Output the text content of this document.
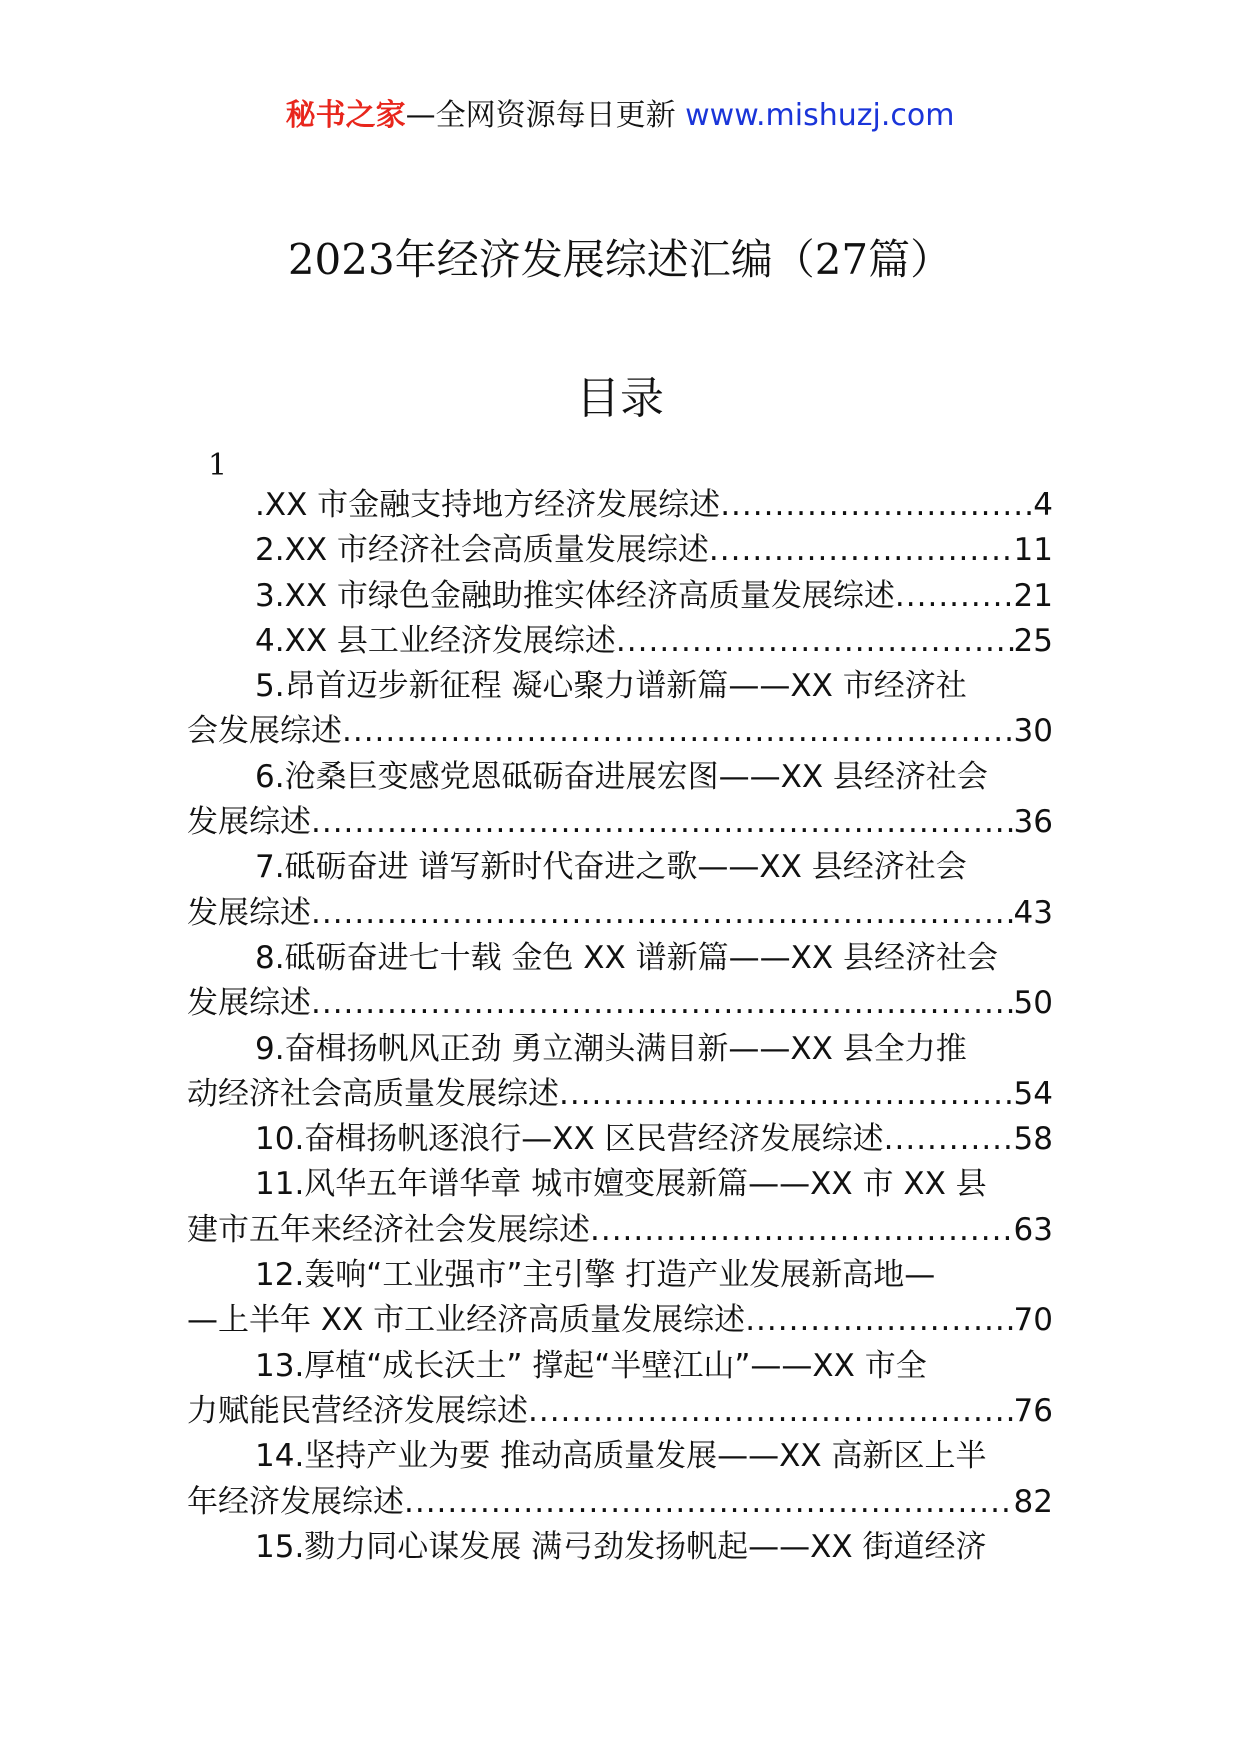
秘书之家—全网资源每日更新 www.mishuzj.com
2023年经济发展综述汇编（27篇）
目录
1
.XX 市金融支持地方经济发展综述 .....	4
2.XX 市经济社会高质量发展综述 .....	11
3.XX 市绿色金融助推实体经济高质量发展综述 .....	21
4.XX 县工业经济发展综述 .....	25
5.昂首迈步新征程 凝心聚力谱新篇——XX 市经济社
会发展综述 .....	30
6.沧桑巨变感党恩砥砺奋进展宏图——XX 县经济社会
发展综述 .....	36
7.砥砺奋进 谱写新时代奋进之歌——XX 县经济社会
发展综述 .....	43
8.砥砺奋进七十载 金色 XX 谱新篇——XX 县经济社会
发展综述 .....	50
9.奋楫扬帆风正劲 勇立潮头满目新——XX 县全力推
动经济社会高质量发展综述 .....	54
10.奋楫扬帆逐浪行—XX 区民营经济发展综述 .....	58
11.风华五年谱华章 城市嬗变展新篇——XX 市 XX 县
建市五年来经济社会发展综述 .....	63
12.轰响“工业强市”主引擎 打造产业发展新高地—
—上半年 XX 市工业经济高质量发展综述 .....	70
13.厚植“成长沃土” 撑起“半壁江山”——XX 市全
力赋能民营经济发展综述 .....	76
14.坚持产业为要 推动高质量发展——XX 高新区上半
年经济发展综述 .....	82
15.勠力同心谋发展 满弓劲发扬帆起——XX 街道经济
